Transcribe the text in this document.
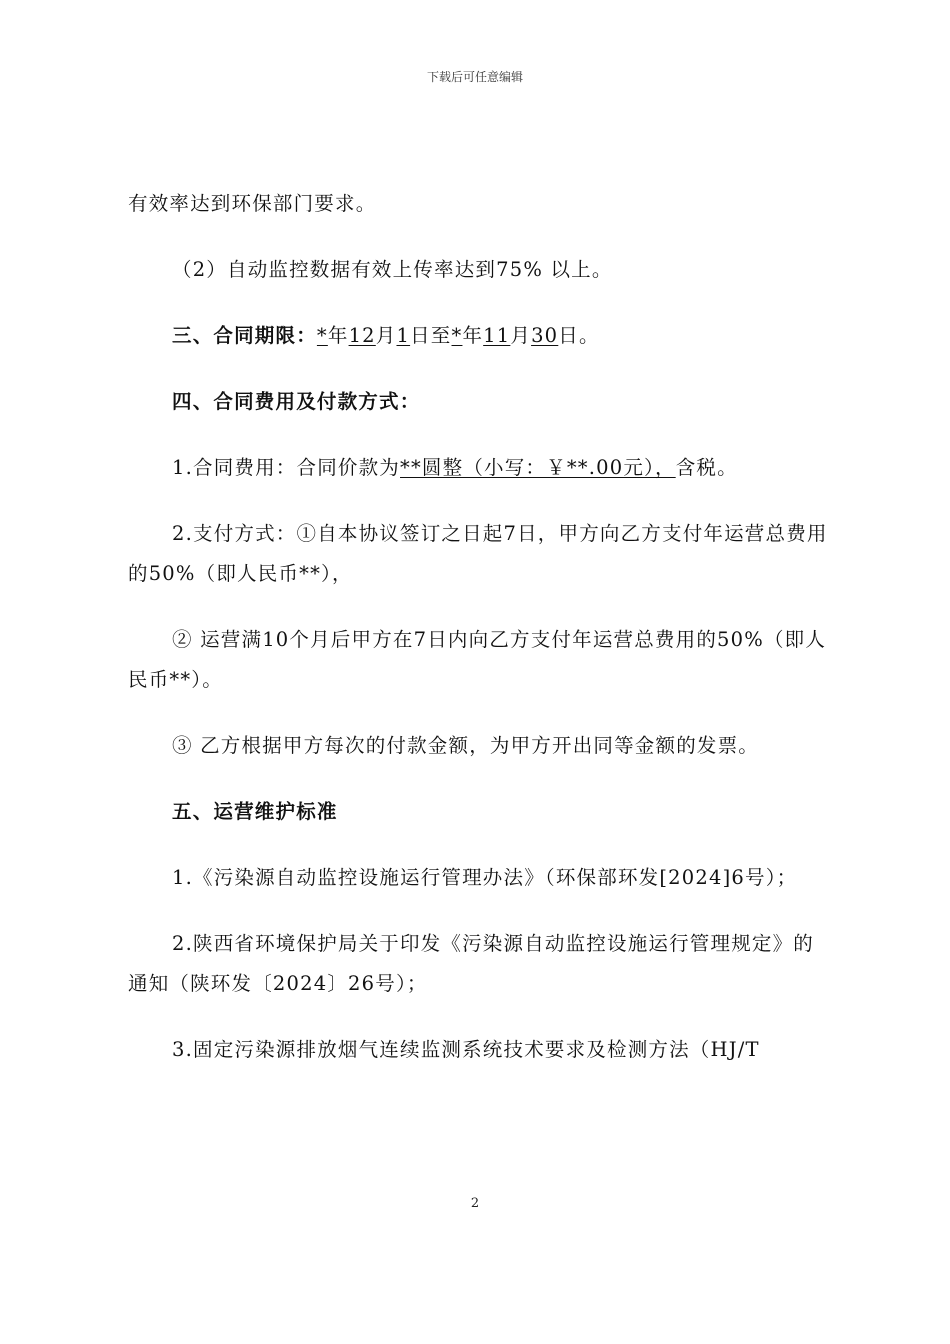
下载后可任意编辑

有效率达到环保部门要求。

（2）自动监控数据有效上传率达到75% 以上。

三、合同期限：*年12月1日至*年11月30日。

四、合同费用及付款方式：

1.合同费用：合同价款为**圆整（小写：￥**.00元），含税。

2.支付方式：①自本协议签订之日起7日，甲方向乙方支付年运营总费用的50%（即人民币**），

② 运营满10个月后甲方在7日内向乙方支付年运营总费用的50%（即人民币**）。

③ 乙方根据甲方每次的付款金额，为甲方开出同等金额的发票。

五、运营维护标准

1.《污染源自动监控设施运行管理办法》（环保部环发[2024]6号）；

2.陕西省环境保护局关于印发《污染源自动监控设施运行管理规定》的通知（陕环发〔2024〕26号）；

3.固定污染源排放烟气连续监测系统技术要求及检测方法（HJ/T

2
